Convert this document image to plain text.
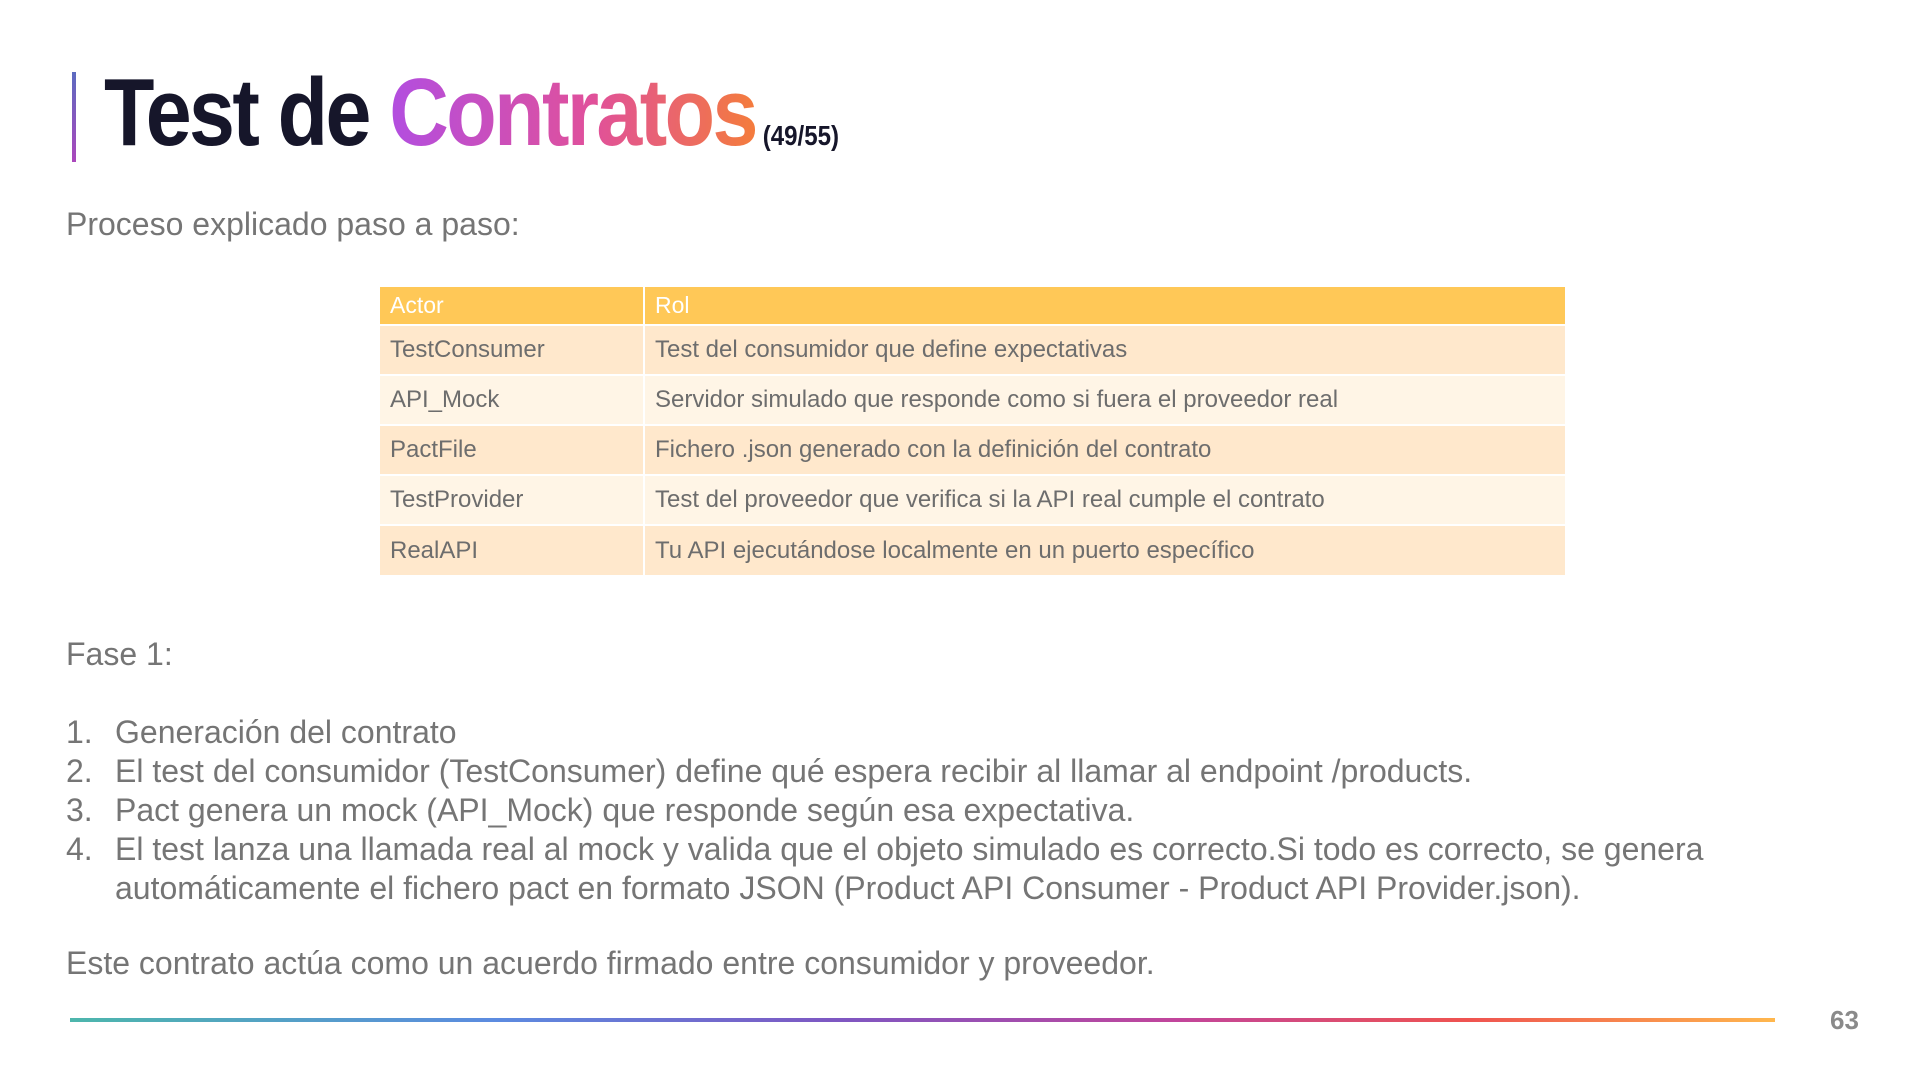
Test de Contratos (49/55)

Proceso explicado paso a paso:

Actor	Rol
TestConsumer	Test del consumidor que define expectativas
API_Mock	Servidor simulado que responde como si fuera el proveedor real
PactFile	Fichero .json generado con la definición del contrato
TestProvider	Test del proveedor que verifica si la API real cumple el contrato
RealAPI	Tu API ejecutándose localmente en un puerto específico

Fase 1:

1. Generación del contrato
2. El test del consumidor (TestConsumer) define qué espera recibir al llamar al endpoint /products.
3. Pact genera un mock (API_Mock) que responde según esa expectativa.
4. El test lanza una llamada real al mock y valida que el objeto simulado es correcto.Si todo es correcto, se genera automáticamente el fichero pact en formato JSON (Product API Consumer - Product API Provider.json).

Este contrato actúa como un acuerdo firmado entre consumidor y proveedor.

63
